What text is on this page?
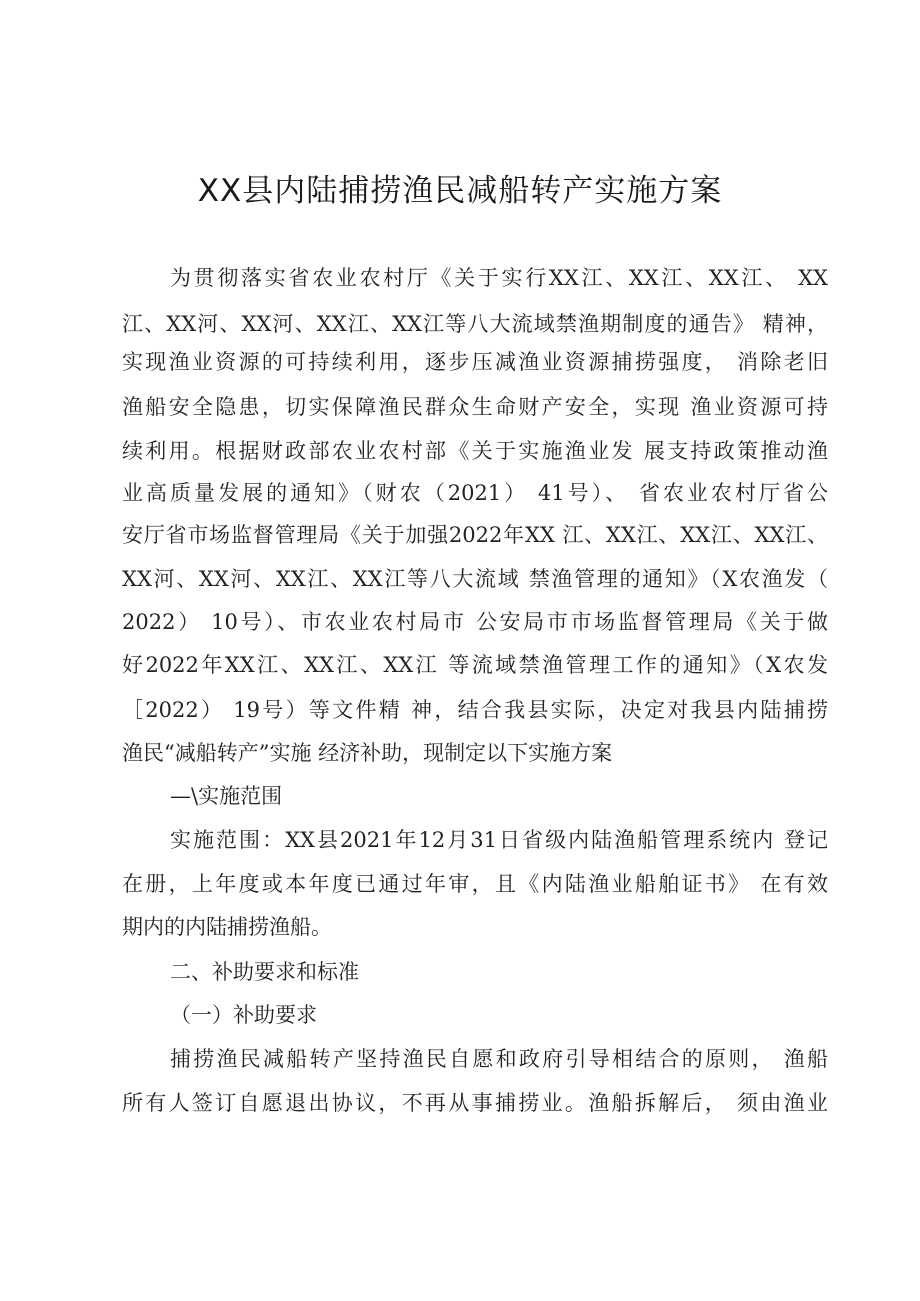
XX县内陆捕捞渔民减船转产实施方案
为贯彻落实省农业农村厅《关于实行XX江、XX江、XX江、 XX
江、XX河、XX河、XX江、XX江等八大流域禁渔期制度的通告》 精神，
实现渔业资源的可持续利用，逐步压减渔业资源捕捞强度， 消除老旧
渔船安全隐患，切实保障渔民群众生命财产安全，实现 渔业资源可持
续利用。根据财政部农业农村部《关于实施渔业发 展支持政策推动渔
业高质量发展的通知》（财农（2021） 41号）、 省农业农村厅省公
安厅省市场监督管理局《关于加强2022年XX 江、XX江、XX江、XX江、
XX河、XX河、XX江、XX江等八大流域 禁渔管理的通知》（X农渔发（
2022） 10号）、市农业农村局市 公安局市市场监督管理局《关于做
好2022年XX江、XX江、XX江 等流域禁渔管理工作的通知》（X农发
［2022） 19号）等文件精 神，结合我县实际，决定对我县内陆捕捞
渔民“减船转产”实施 经济补助，现制定以下实施方案
—\实施范围
实施范围：XX县2021年12月31日省级内陆渔船管理系统内 登记
在册，上年度或本年度已通过年审，且《内陆渔业船舶证书》 在有效
期内的内陆捕捞渔船。
二、补助要求和标准
（一）补助要求
捕捞渔民减船转产坚持渔民自愿和政府引导相结合的原则， 渔船
所有人签订自愿退出协议，不再从事捕捞业。渔船拆解后， 须由渔业
